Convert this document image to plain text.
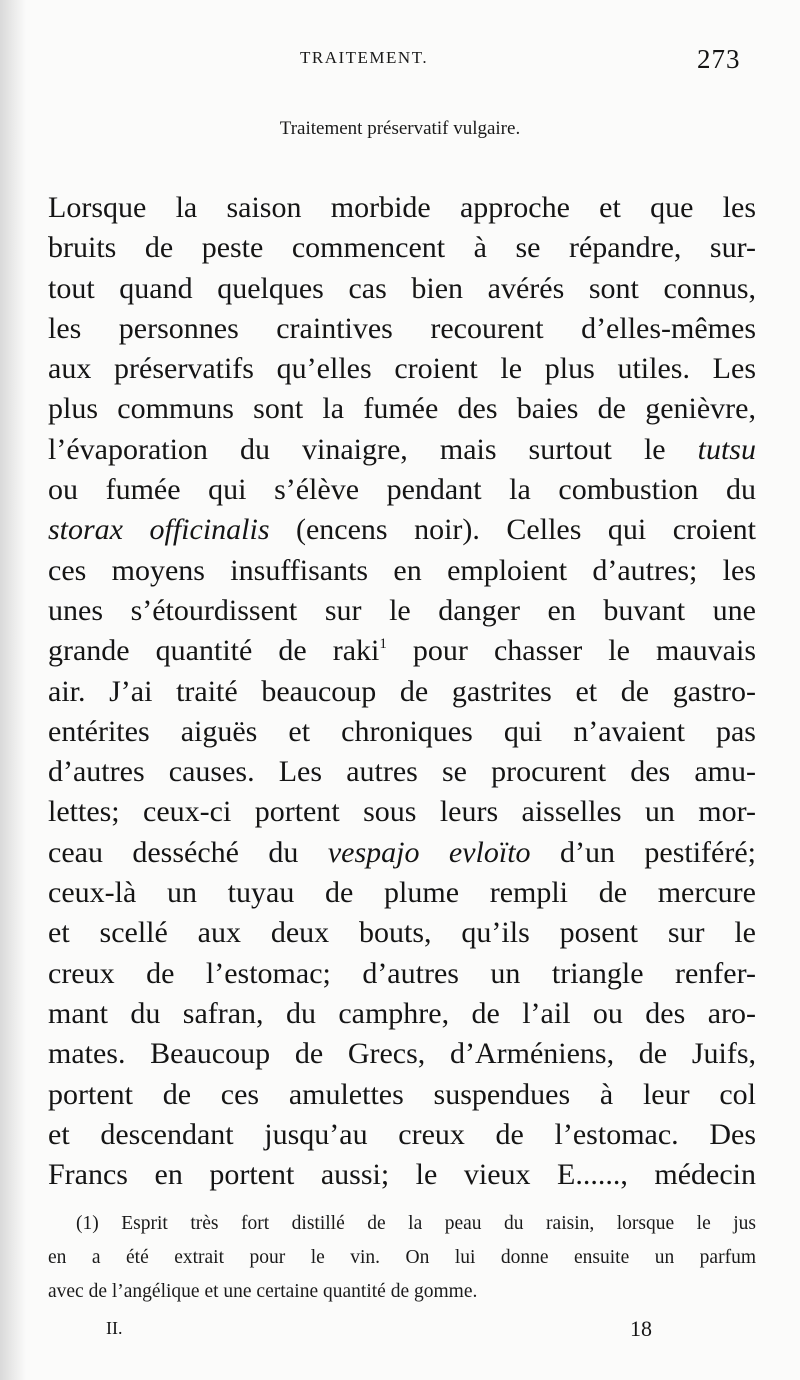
TRAITEMENT.	273
Traitement préservatif vulgaire.
Lorsque la saison morbide approche et que les
bruits de peste commencent à se répandre, sur-
tout quand quelques cas bien avérés sont connus,
les personnes craintives recourent d’elles-mêmes
aux préservatifs qu’elles croient le plus utiles. Les
plus communs sont la fumée des baies de genièvre,
l’évaporation du vinaigre, mais surtout le tutsu
ou fumée qui s’élève pendant la combustion du
storax officinalis (encens noir). Celles qui croient
ces moyens insuffisants en emploient d’autres; les
unes s’étourdissent sur le danger en buvant une
grande quantité de raki$^1$ pour chasser le mauvais
air. J’ai traité beaucoup de gastrites et de gastro-
entérites aiguës et chroniques qui n’avaient pas
d’autres causes. Les autres se procurent des amu-
lettes; ceux-ci portent sous leurs aisselles un mor-
ceau desséché du vespajo evloïto d’un pestiféré;
ceux-là un tuyau de plume rempli de mercure
et scellé aux deux bouts, qu’ils posent sur le
creux de l’estomac; d’autres un triangle renfer-
mant du safran, du camphre, de l’ail ou des aro-
mates. Beaucoup de Grecs, d’Arméniens, de Juifs,
portent de ces amulettes suspendues à leur col
et descendant jusqu’au creux de l’estomac. Des
Francs en portent aussi; le vieux E......, médecin
(1) Esprit très fort distillé de la peau du raisin, lorsque le jus
en a été extrait pour le vin. On lui donne ensuite un parfum
avec de l’angélique et une certaine quantité de gomme.
II.	18
